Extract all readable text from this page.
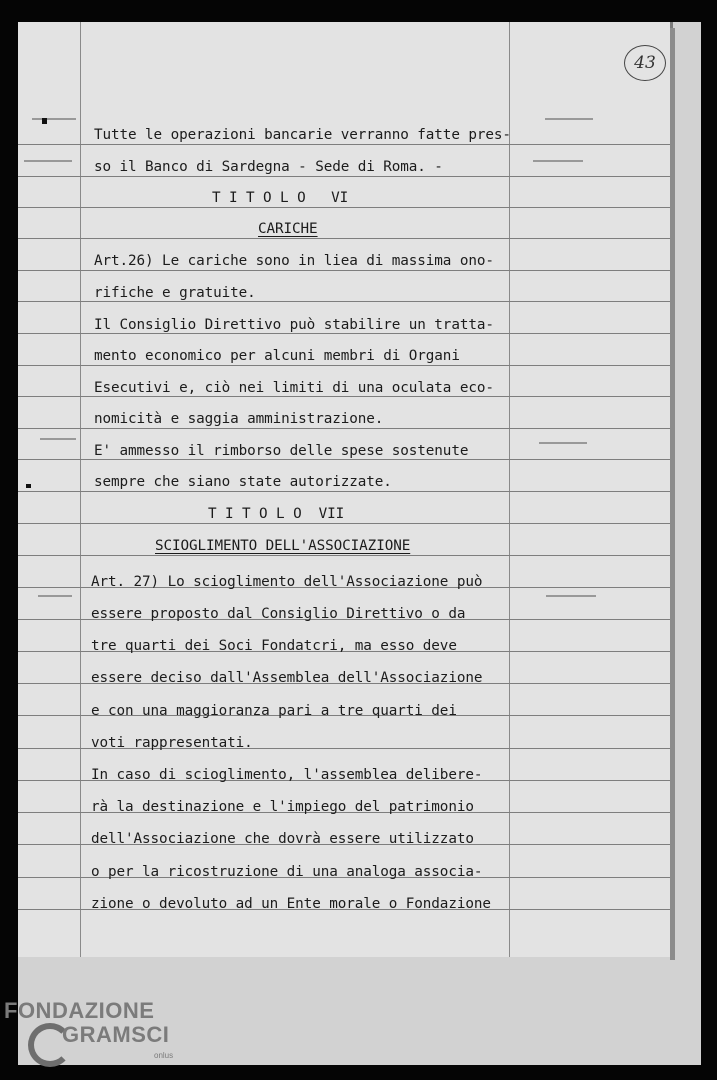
43
Tutte le operazioni bancarie verranno fatte pres-
so il Banco di Sardegna - Sede di Roma. -
T I T O L O   VI
CARICHE
Art.26) Le cariche sono in liea di massima ono-
rifiche e gratuite.
Il Consiglio Direttivo può stabilire un tratta-
mento economico per alcuni membri di Organi
Esecutivi e, ciò nei limiti di una oculata eco-
nomicità e saggia amministrazione.
E' ammesso il rimborso delle spese sostenute
sempre che siano state autorizzate.
T I T O L O  VII
SCIOGLIMENTO DELL'ASSOCIAZIONE
Art. 27) Lo scioglimento dell'Associazione può
essere proposto dal Consiglio Direttivo o da
tre quarti dei Soci Fondatcri, ma esso deve
essere deciso dall'Assemblea dell'Associazione
e con una maggioranza pari a tre quarti dei
voti rappresentati.
In caso di scioglimento, l'assemblea delibere-
rà la destinazione e l'impiego del patrimonio
dell'Associazione che dovrà essere utilizzato
o per la ricostruzione di una analoga associa-
zione o devoluto ad un Ente morale o Fondazione
FONDAZIONE
GRAMSCI
onlus
